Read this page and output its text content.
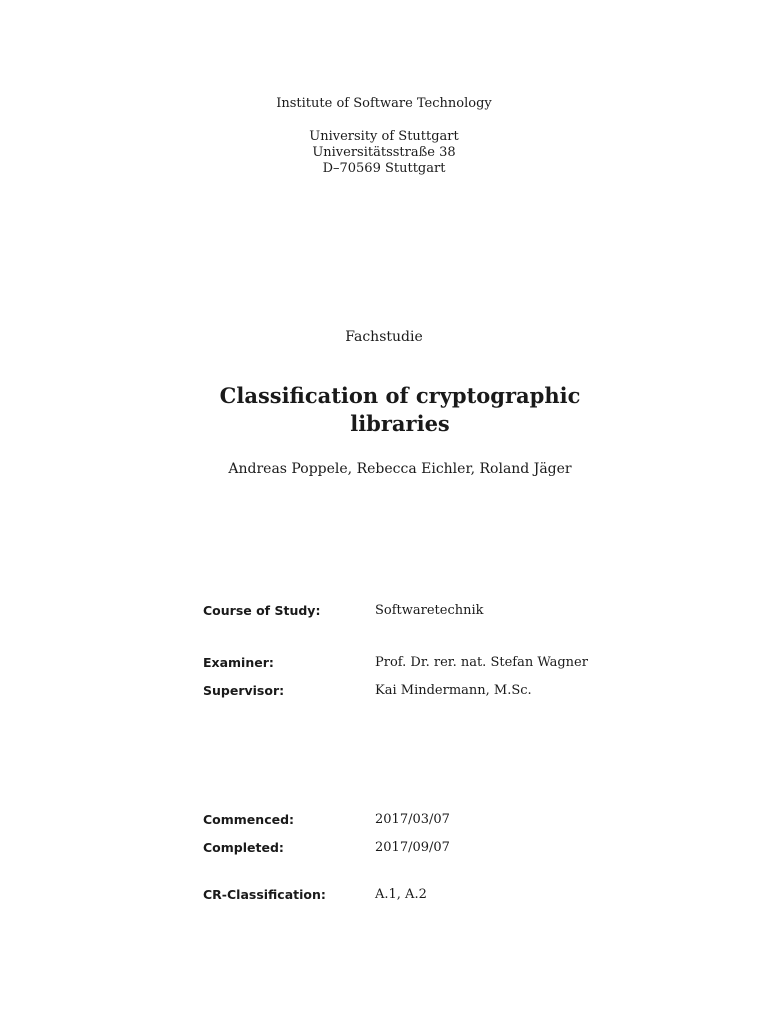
Institute of Software Technology
University of Stuttgart
Universitätsstraße 38
D–70569 Stuttgart
Fachstudie
Classification of cryptographic
libraries
Andreas Poppele, Rebecca Eichler, Roland Jäger
Course of Study:	Softwaretechnik
Examiner:	Prof. Dr. rer. nat. Stefan Wagner
Supervisor:	Kai Mindermann, M.Sc.
Commenced:	2017/03/07
Completed:	2017/09/07
CR-Classification:	A.1, A.2
